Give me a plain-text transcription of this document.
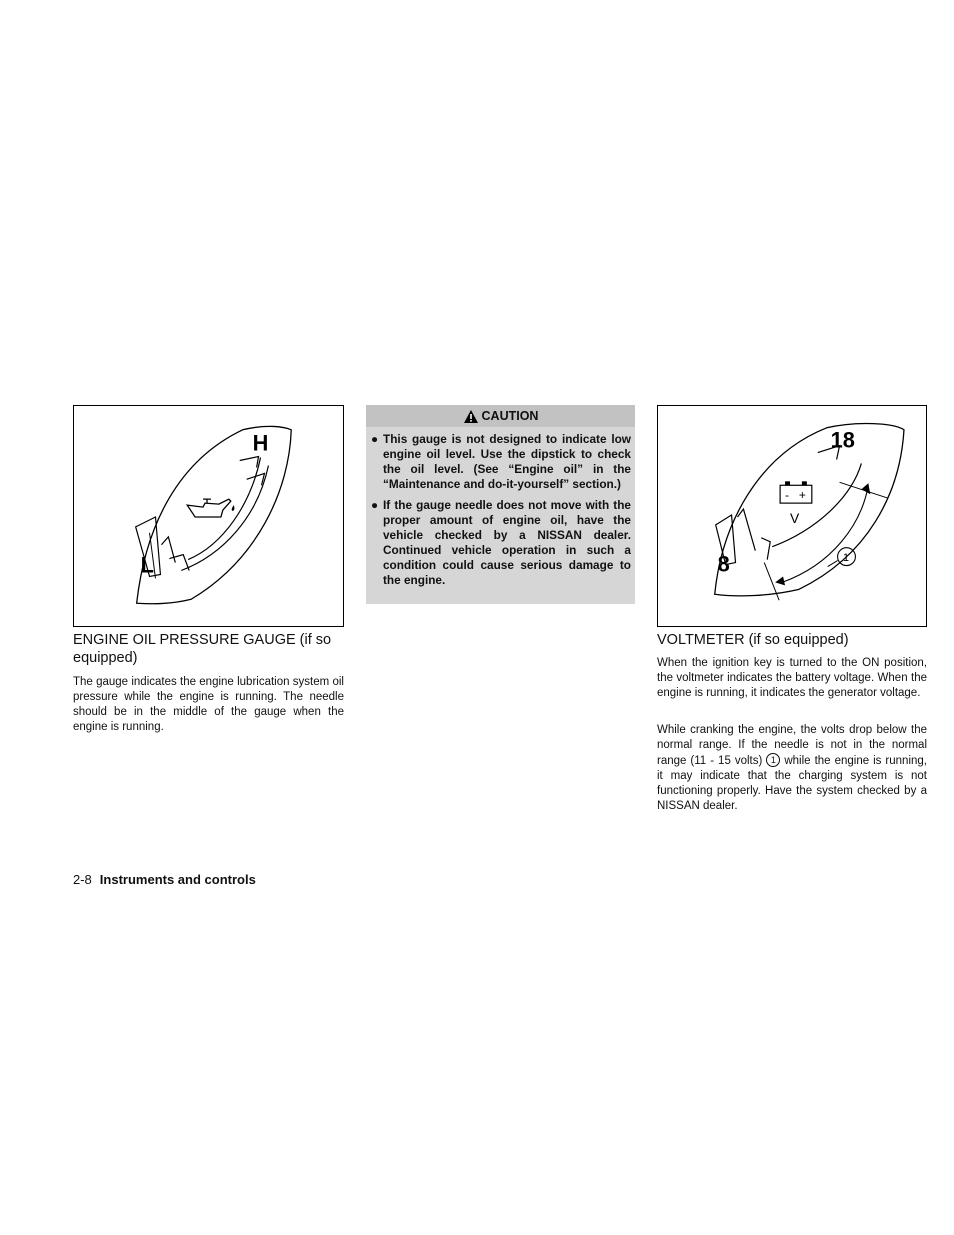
H
L
ENGINE OIL PRESSURE GAUGE (if so equipped)

The gauge indicates the engine lubrication system oil pressure while the engine is running. The needle should be in the middle of the gauge when the engine is running.

CAUTION
● This gauge is not designed to indicate low engine oil level. Use the dipstick to check the oil level. (See “Engine oil” in the “Maintenance and do-it-yourself” section.)
● If the gauge needle does not move with the proper amount of engine oil, have the vehicle checked by a NISSAN dealer. Continued vehicle operation in such a condition could cause serious damage to the engine.
18
8
- +
V
1
VOLTMETER (if so equipped)

When the ignition key is turned to the ON position, the voltmeter indicates the battery voltage. When the engine is running, it indicates the generator voltage.

While cranking the engine, the volts drop below the normal range. If the needle is not in the normal range (11 - 15 volts) 1 while the engine is running, it may indicate that the charging system is not functioning properly. Have the system checked by a NISSAN dealer.

2-8 Instruments and controls
